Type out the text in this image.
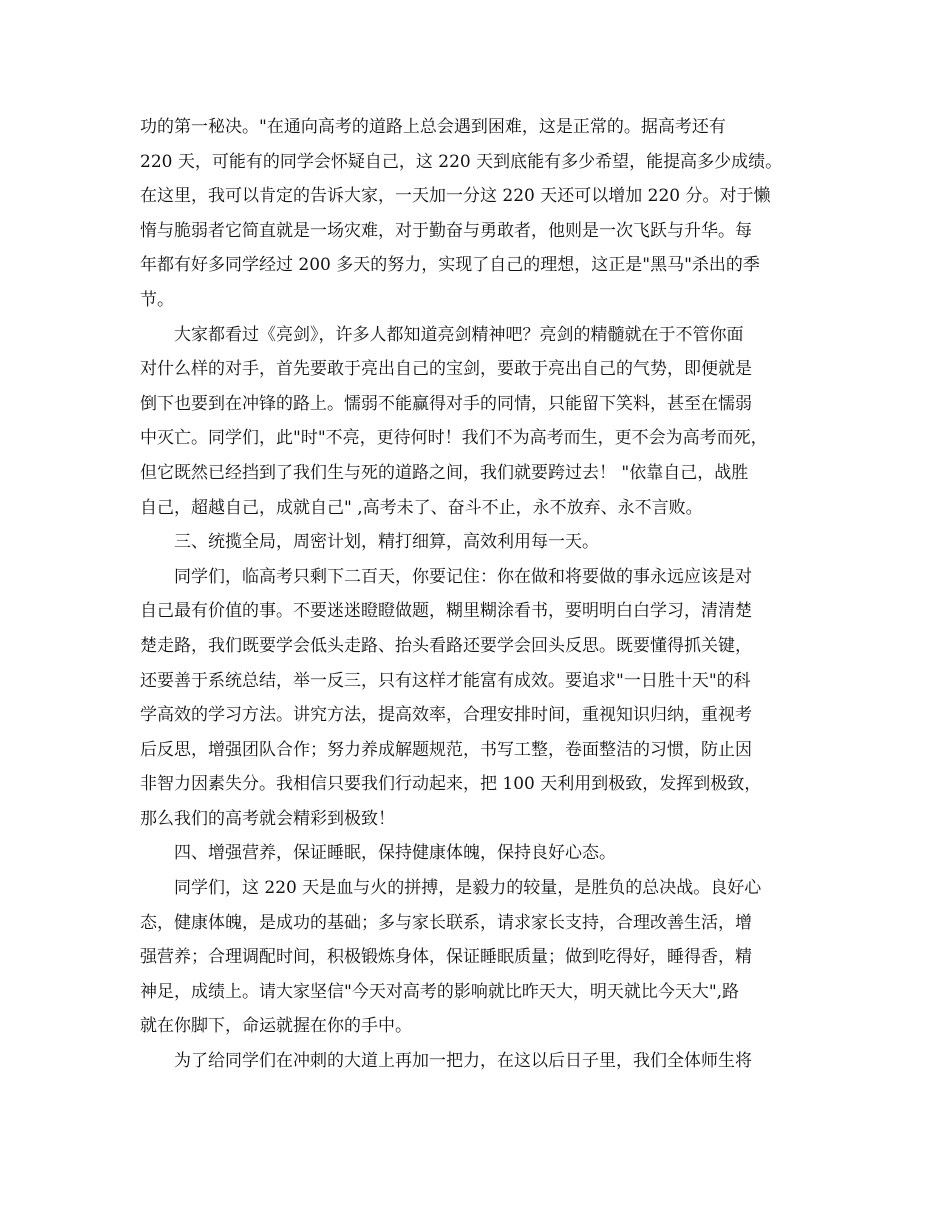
功的第一秘决。"在通向高考的道路上总会遇到困难，这是正常的。据高考还有
220 天，可能有的同学会怀疑自己，这 220 天到底能有多少希望，能提高多少成绩。
在这里，我可以肯定的告诉大家，一天加一分这 220 天还可以增加 220 分。对于懒
惰与脆弱者它简直就是一场灾难，对于勤奋与勇敢者，他则是一次飞跃与升华。每
年都有好多同学经过 200 多天的努力，实现了自己的理想，这正是"黑马"杀出的季
节。
　　大家都看过《亮剑》，许多人都知道亮剑精神吧？亮剑的精髓就在于不管你面
对什么样的对手，首先要敢于亮出自己的宝剑，要敢于亮出自己的气势，即便就是
倒下也要到在冲锋的路上。懦弱不能赢得对手的同情，只能留下笑料，甚至在懦弱
中灭亡。同学们，此"时"不亮，更待何时！我们不为高考而生，更不会为高考而死，
但它既然已经挡到了我们生与死的道路之间，我们就要跨过去！ "依靠自己，战胜
自己，超越自己，成就自己" ,高考未了、奋斗不止，永不放弃、永不言败。
　　三、统揽全局，周密计划，精打细算，高效利用每一天。
　　同学们，临高考只剩下二百天，你要记住：你在做和将要做的事永远应该是对
自己最有价值的事。不要迷迷瞪瞪做题，糊里糊涂看书，要明明白白学习，清清楚
楚走路，我们既要学会低头走路、抬头看路还要学会回头反思。既要懂得抓关键，
还要善于系统总结，举一反三，只有这样才能富有成效。要追求"一日胜十天"的科
学高效的学习方法。讲究方法，提高效率，合理安排时间，重视知识归纳，重视考
后反思，增强团队合作；努力养成解题规范，书写工整，卷面整洁的习惯，防止因
非智力因素失分。我相信只要我们行动起来，把 100 天利用到极致，发挥到极致，
那么我们的高考就会精彩到极致！
　　四、增强营养，保证睡眠，保持健康体魄，保持良好心态。
　　同学们，这 220 天是血与火的拼搏，是毅力的较量，是胜负的总决战。良好心
态，健康体魄，是成功的基础；多与家长联系，请求家长支持，合理改善生活，增
强营养；合理调配时间，积极锻炼身体，保证睡眠质量；做到吃得好，睡得香，精
神足，成绩上。请大家坚信"今天对高考的影响就比昨天大，明天就比今天大",路
就在你脚下，命运就握在你的手中。
　　为了给同学们在冲刺的大道上再加一把力，在这以后日子里，我们全体师生将
